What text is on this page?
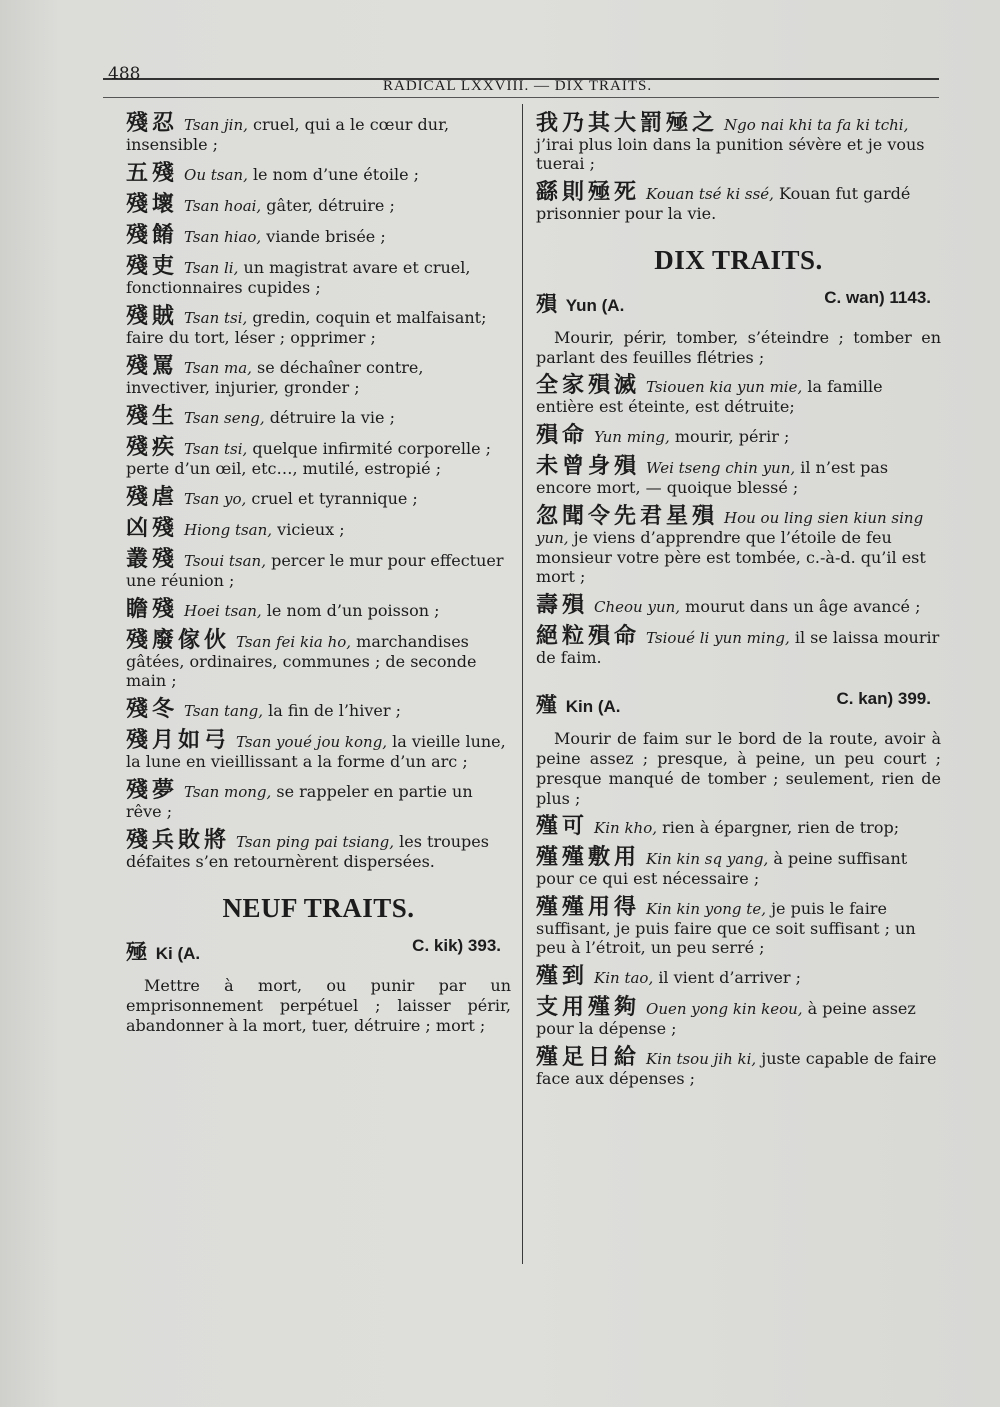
488
RADICAL LXXVIII. — DIX TRAITS.
殘忍 Tsan jin, cruel, qui a le cœur dur, insensible ;
五殘 Ou tsan, le nom d’une étoile ;
殘壞 Tsan hoai, gâter, détruire ;
殘餚 Tsan hiao, viande brisée ;
殘吏 Tsan li, un magistrat avare et cruel, fonctionnaires cupides ;
殘賊 Tsan tsi, gredin, coquin et malfaisant; faire du tort, léser ; opprimer ;
殘罵 Tsan ma, se déchaîner contre, invectiver, injurier, gronder ;
殘生 Tsan seng, détruire la vie ;
殘疾 Tsan tsi, quelque infirmité corporelle ; perte d’un œil, etc…, mutilé, estropié ;
殘虐 Tsan yo, cruel et tyrannique ;
凶殘 Hiong tsan, vicieux ;
叢殘 Tsoui tsan, percer le mur pour effectuer une réunion ;
瞻殘 Hoei tsan, le nom d’un poisson ;
殘廢傢伙 Tsan fei kia ho, marchandises gâtées, ordinaires, communes ; de seconde main ;
殘冬 Tsan tang, la fin de l’hiver ;
殘月如弓 Tsan youé jou kong, la vieille lune, la lune en vieillissant a la forme d’un arc ;
殘夢 Tsan mong, se rappeler en partie un rêve ;
殘兵敗將 Tsan ping pai tsiang, les troupes défaites s’en retournèrent dispersées.
NEUF TRAITS.
殛 Ki (A.	C. kik) 393.
Mettre à mort, ou punir par un emprisonnement perpétuel ; laisser périr, abandonner à la mort, tuer, détruire ; mort ;
我乃其大罰殛之 Ngo nai khi ta fa ki tchi, j’irai plus loin dans la punition sévère et je vous tuerai ;
繇則殛死 Kouan tsé ki ssé, Kouan fut gardé prisonnier pour la vie.
DIX TRAITS.
殞 Yun (A.	C. wan) 1143.
Mourir, périr, tomber, s’éteindre ; tomber en parlant des feuilles flétries ;
全家殞滅 Tsiouen kia yun mie, la famille entière est éteinte, est détruite;
殞命 Yun ming, mourir, périr ;
未曾身殞 Wei tseng chin yun, il n’est pas encore mort, — quoique blessé ;
忽聞令先君星殞 Hou ou ling sien kiun sing yun, je viens d’apprendre que l’étoile de feu monsieur votre père est tombée, c.-à-d. qu’il est mort ;
壽殞 Cheou yun, mourut dans un âge avancé ;
絕粒殞命 Tsioué li yun ming, il se laissa mourir de faim.
殣 Kin (A.	C. kan) 399.
Mourir de faim sur le bord de la route, avoir à peine assez ; presque, à peine, un peu court ; presque manqué de tomber ; seulement, rien de plus ;
殣可 Kin kho, rien à épargner, rien de trop;
殣殣敷用 Kin kin sq yang, à peine suffisant pour ce qui est nécessaire ;
殣殣用得 Kin kin yong te, je puis le faire suffisant, je puis faire que ce soit suffisant ; un peu à l’étroit, un peu serré ;
殣到 Kin tao, il vient d’arriver ;
支用殣夠 Ouen yong kin keou, à peine assez pour la dépense ;
殣足日給 Kin tsou jih ki, juste capable de faire face aux dépenses ;
